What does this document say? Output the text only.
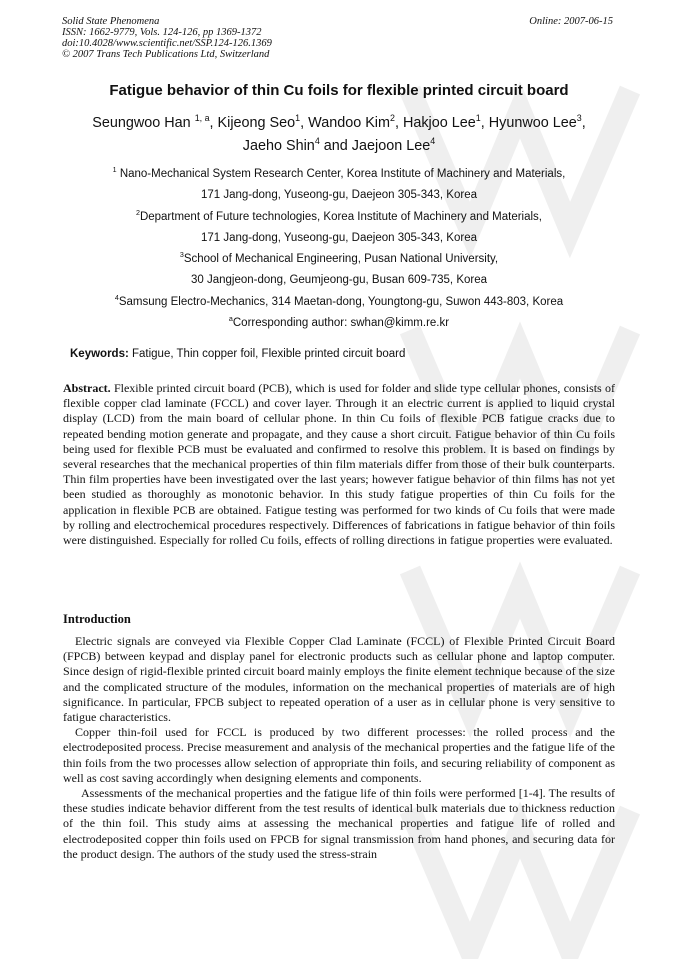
Solid State Phenomena
ISSN: 1662-9779, Vols. 124-126, pp 1369-1372
doi:10.4028/www.scientific.net/SSP.124-126.1369
© 2007 Trans Tech Publications Ltd, Switzerland
Online: 2007-06-15
Fatigue behavior of thin Cu foils for flexible printed circuit board
Seungwoo Han $^{1, a}$, Kijeong Seo$^1$, Wandoo Kim$^2$, Hakjoo Lee$^1$, Hyunwoo Lee$^3$,
Jaeho Shin$^4$ and Jaejoon Lee$^4$
$^1$ Nano-Mechanical System Research Center, Korea Institute of Machinery and Materials,
171 Jang-dong, Yuseong-gu, Daejeon 305-343, Korea
$^2$Department of Future technologies, Korea Institute of Machinery and Materials,
171 Jang-dong, Yuseong-gu, Daejeon 305-343, Korea
$^3$School of Mechanical Engineering, Pusan National University,
30 Jangjeon-dong, Geumjeong-gu, Busan 609-735, Korea
$^4$Samsung Electro-Mechanics, 314 Maetan-dong, Youngtong-gu, Suwon 443-803, Korea
$^a$Corresponding author: swhan@kimm.re.kr
Keywords: Fatigue, Thin copper foil, Flexible printed circuit board

Abstract. Flexible printed circuit board (PCB), which is used for folder and slide type cellular phones, consists of flexible copper clad laminate (FCCL) and cover layer. Through it an electric current is applied to liquid crystal display (LCD) from the main board of cellular phone. In thin Cu foils of flexible PCB fatigue cracks due to repeated bending motion generate and propagate, and they cause a short circuit. Fatigue behavior of thin Cu foils being used for flexible PCB must be evaluated and confirmed to resolve this problem. It is based on findings by several researches that the mechanical properties of thin film materials differ from those of their bulk counterparts. Thin film properties have been investigated over the last years; however fatigue behavior of thin films has not yet been studied as thoroughly as monotonic behavior. In this study fatigue properties of thin Cu foils for the application in flexible PCB are obtained. Fatigue testing was performed for two kinds of Cu foils that were made by rolling and electrochemical procedures respectively. Differences of fabrications in fatigue behavior of thin foils were distinguished. Especially for rolled Cu foils, effects of rolling directions in fatigue properties were evaluated.

Introduction

Electric signals are conveyed via Flexible Copper Clad Laminate (FCCL) of Flexible Printed Circuit Board (FPCB) between keypad and display panel for electronic products such as cellular phone and laptop computer. Since design of rigid-flexible printed circuit board mainly employs the finite element technique because of the size and the complicated structure of the modules, information on the mechanical properties of materials are of high significance. In particular, FPCB subject to repeated operation of a user as in cellular phone is very sensitive to fatigue characteristics.

Copper thin-foil used for FCCL is produced by two different processes: the rolled process and the electrodeposited process. Precise measurement and analysis of the mechanical properties and the fatigue life of the thin foils from the two processes allow selection of appropriate thin foils, and securing reliability of component as well as cost saving accordingly when designing elements and components.

Assessments of the mechanical properties and the fatigue life of thin foils were performed [1-4]. The results of these studies indicate behavior different from the test results of identical bulk materials due to thickness reduction of the thin foil. This study aims at assessing the mechanical properties and fatigue life of rolled and electrodeposited copper thin foils used on FPCB for signal transmission from hand phones, and securing data for the product design. The authors of the study used the stress-strain
